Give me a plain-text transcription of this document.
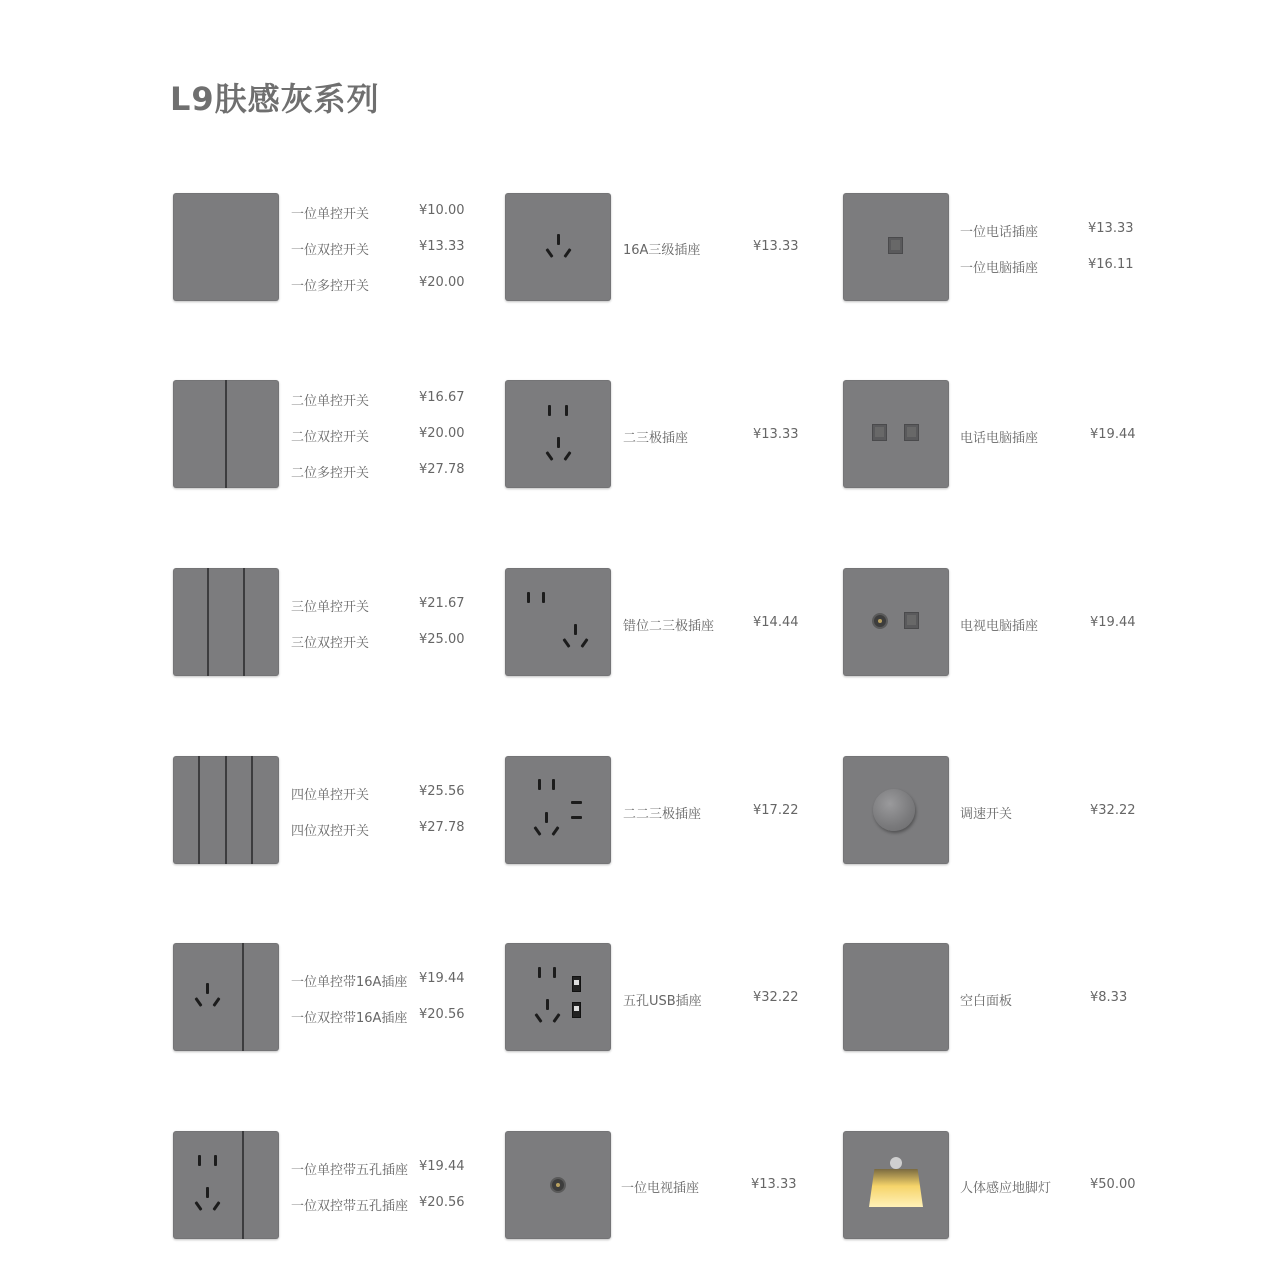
L9肤感灰系列
一位单控开关	¥10.00
一位双控开关	¥13.33
一位多控开关	¥20.00
16A三级插座	¥13.33
一位电话插座	¥13.33
一位电脑插座	¥16.11
二位单控开关	¥16.67
二位双控开关	¥20.00
二位多控开关	¥27.78
二三极插座	¥13.33	电话电脑插座	¥19.44
三位单控开关	¥21.67
三位双控开关	¥25.00
错位二三极插座	¥14.44	电视电脑插座	¥19.44
四位单控开关	¥25.56
四位双控开关	¥27.78
二二三极插座	¥17.22	调速开关	¥32.22
一位单控带16A插座 ¥19.44
一位双控带16A插座 ¥20.56
五孔USB插座	¥32.22	空白面板	¥8.33
一位单控带五孔插座 ¥19.44
一位双控带五孔插座 ¥20.56
一位电视插座	¥13.33	人体感应地脚灯	¥50.00
